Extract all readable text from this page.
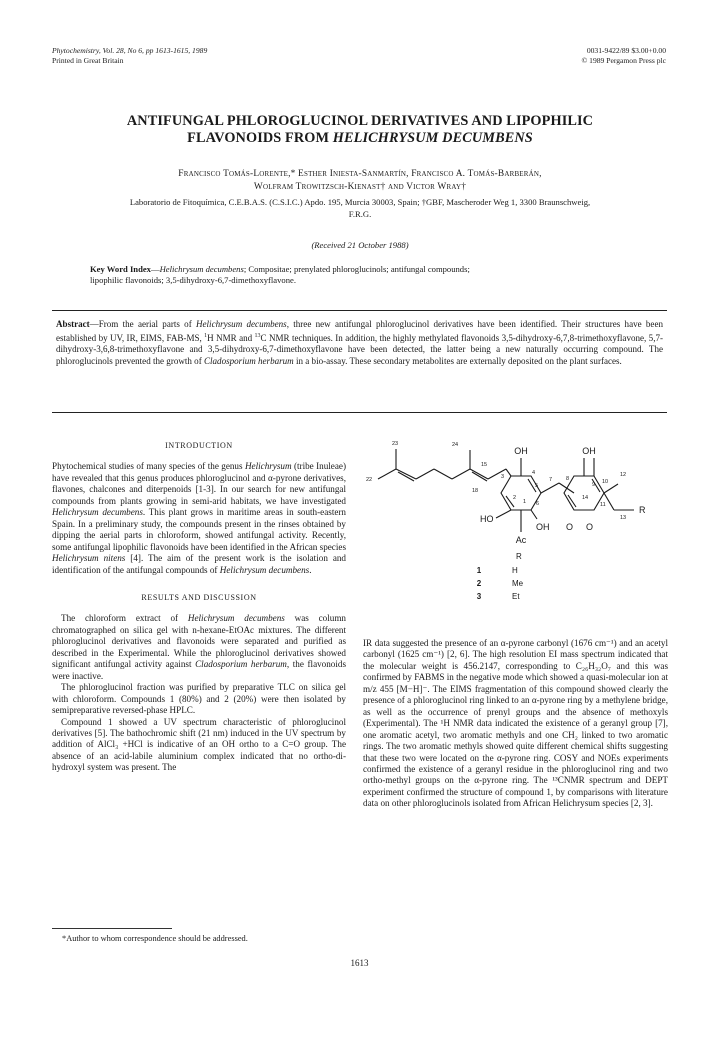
Phytochemistry, Vol. 28, No 6, pp 1613-1615, 1989
Printed in Great Britain
0031-9422/89 $3.00+0.00
© 1989 Pergamon Press plc
ANTIFUNGAL PHLOROGLUCINOL DERIVATIVES AND LIPOPHILIC
FLAVONOIDS FROM HELICHRYSUM DECUMBENS
Francisco Tomás-Lorente,* Esther Iniesta-Sanmartín, Francisco A. Tomás-Barberán,
Wolfram Trowitzsch-Kienast† and Victor Wray†
Laboratorio de Fitoquímica, C.E.B.A.S. (C.S.I.C.) Apdo. 195, Murcia 30003, Spain; †GBF, Mascheroder Weg 1, 3300 Braunschweig,
F.R.G.
(Received 21 October 1988)
Key Word Index—Helichrysum decumbens; Compositae; prenylated phloroglucinols; antifungal compounds;
lipophilic flavonoids; 3,5-dihydroxy-6,7-dimethoxyflavone.
Abstract—From the aerial parts of Helichrysum decumbens, three new antifungal phloroglucinol derivatives have been identified. Their structures have been established by UV, IR, EIMS, FAB-MS, $^1$H NMR and $^{13}$C NMR techniques. In addition, the highly methylated flavonoids 3,5-dihydroxy-6,7,8-trimethoxyflavone, 5,7-dihydroxy-3,6,8-trimethoxyflavone and 3,5-dihydroxy-6,7-dimethoxyflavone have been detected, the latter being a new naturally occurring compound. The phloroglucinols prevented the growth of Cladosporium herbarum in a bio-assay. These secondary metabolites are externally deposited on the plant surfaces.
INTRODUCTION

Phytochemical studies of many species of the genus Helichrysum (tribe Inuleae) have revealed that this genus produces phloroglucinol and α-pyrone derivatives, flavones, chalcones and diterpenoids [1-3]. In our search for new antifungal compounds from plants growing in semi-arid habitats, we have investigated Helichrysum decumbens. This plant grows in maritime areas in south-eastern Spain. In a preliminary study, the compounds present in the rinses obtained by dipping the aerial parts in chloroform, showed antifungal activity. Recently, some antifungal lipophilic flavonoids have been identified in the African species Helichrysum nitens [4]. The aim of the present work is the isolation and identification of the antifungal compounds of Helichrysum decumbens.

RESULTS AND DISCUSSION

The chloroform extract of Helichrysum decumbens was column chromatographed on silica gel with n-hexane-EtOAc mixtures. The different phloroglucinol derivatives and flavonoids were separated and purified as described in the Experimental. While the phloroglucinol derivatives showed significant antifungal activity against Cladosporium herbarum, the flavonoids were inactive.

The phloroglucinol fraction was purified by preparative TLC on silica gel with chloroform. Compounds 1 (80%) and 2 (20%) were then isolated by semipreparative reversed-phase HPLC.

Compound 1 showed a UV spectrum characteristic of phloroglucinol derivatives [5]. The bathochromic shift (21 nm) induced in the UV spectrum by addition of AlCl₃ +HCl is indicative of an OH ortho to a C=O group. The absence of an acid-labile aluminium complex indicated that no ortho-di-hydroxyl system was present. The

*Author to whom correspondence should be addressed.
OH	OH
HO
OH O O
Ac
R
23	24
22
15
18
3
4
5
6
7	8
9 10
12
13
14
2
1	11
R
1	H
2	Me
3	Et

IR data suggested the presence of an α-pyrone carbonyl (1676 cm⁻¹) and an acetyl carbonyl (1625 cm⁻¹) [2, 6]. The high resolution EI mass spectrum indicated that the molecular weight is 456.2147, corresponding to C₂₆H₃₂O₇ and this was confirmed by FABMS in the negative mode which showed a quasi-molecular ion at m/z 455 [M−H]⁻. The EIMS fragmentation of this compound showed clearly the presence of a phloroglucinol ring linked to an α-pyrone ring by a methylene bridge, as well as the occurrence of prenyl groups and the absence of methoxyls (Experimental). The ¹H NMR data indicated the existence of a geranyl group [7], one aromatic acetyl, two aromatic methyls and one CH₂ linked to two aromatic rings. The two aromatic methyls showed quite different chemical shifts suggesting that these two were located on the α-pyrone ring. COSY and NOEs experiments confirmed the existence of a geranyl residue in the phloroglucinol ring and two ortho-methyl groups on the α-pyrone ring. The ¹³CNMR spectrum and DEPT experiment confirmed the structure of compound 1, by comparisons with literature data on other phloroglucinols isolated from African Helichrysum species [2, 3].

1613
